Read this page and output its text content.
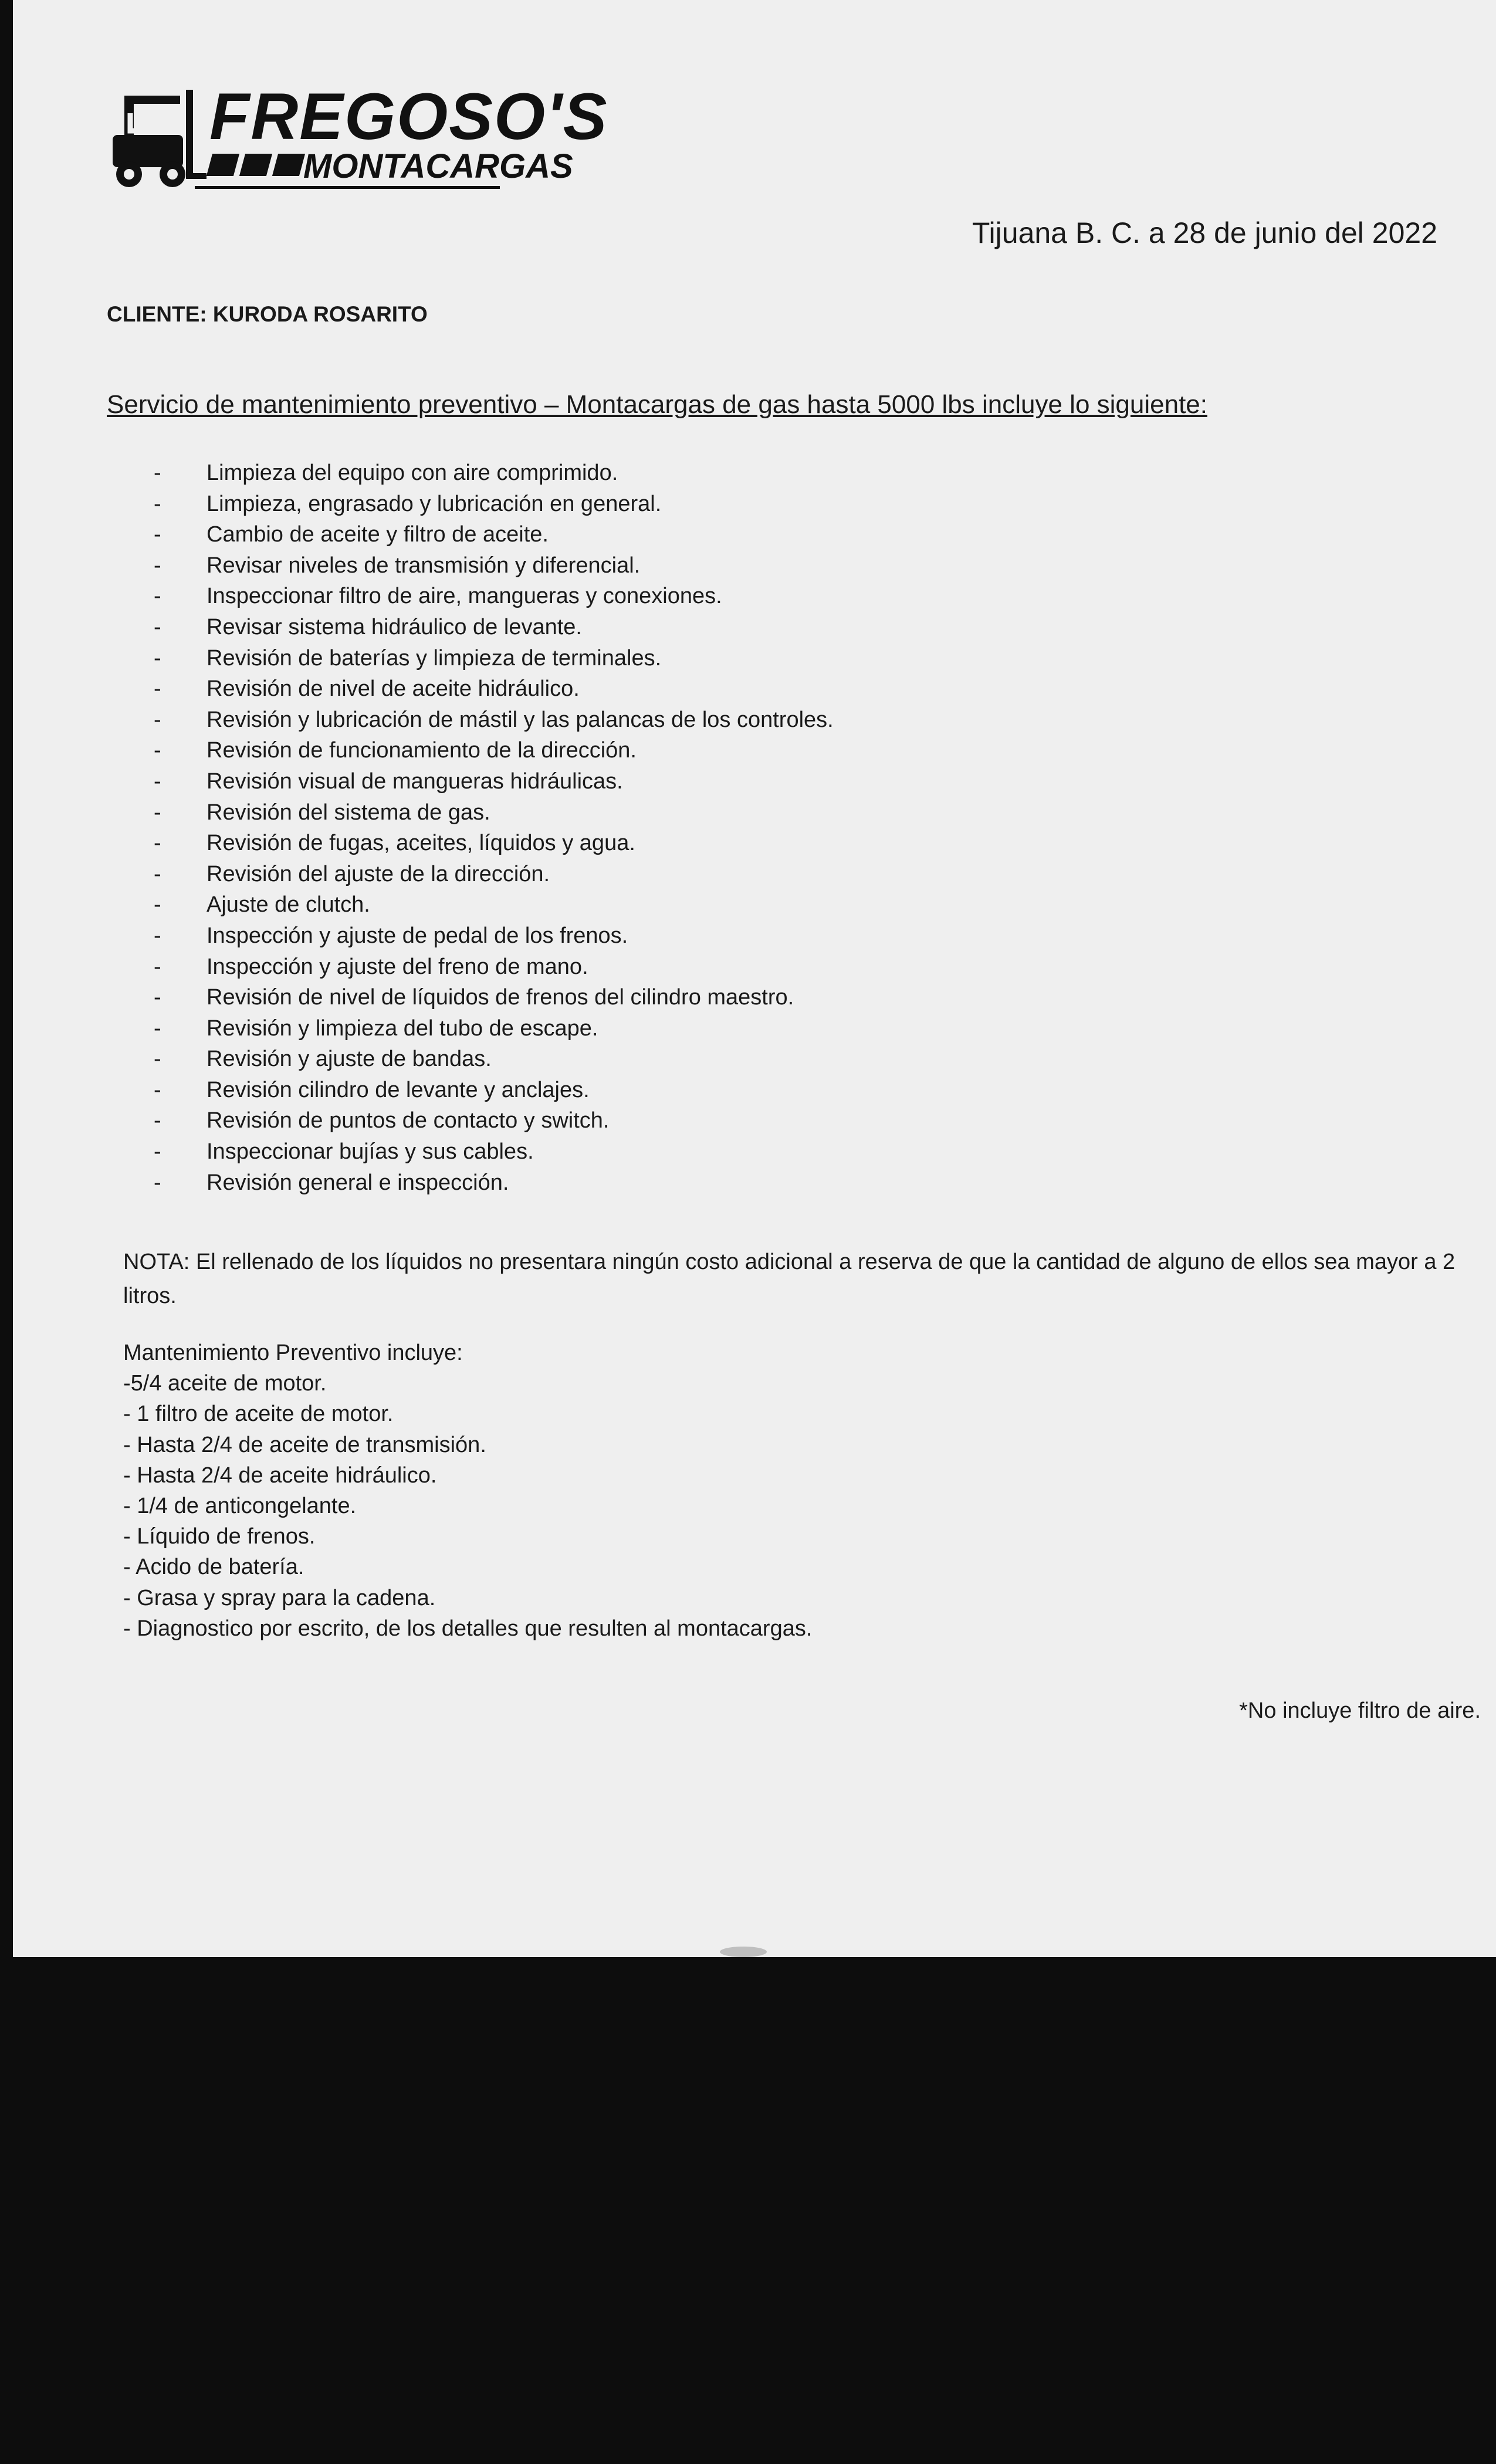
FREGOSO'S
MONTACARGAS
Tijuana B. C. a 28 de junio del 2022
CLIENTE: KURODA ROSARITO
Servicio de mantenimiento preventivo – Montacargas de gas hasta 5000 lbs incluye lo siguiente:
- Limpieza del equipo con aire comprimido.
- Limpieza, engrasado y lubricación en general.
- Cambio de aceite y filtro de aceite.
- Revisar niveles de transmisión y diferencial.
- Inspeccionar filtro de aire, mangueras y conexiones.
- Revisar sistema hidráulico de levante.
- Revisión de baterías y limpieza de terminales.
- Revisión de nivel de aceite hidráulico.
- Revisión y lubricación de mástil y las palancas de los controles.
- Revisión de funcionamiento de la dirección.
- Revisión visual de mangueras hidráulicas.
- Revisión del sistema de gas.
- Revisión de fugas, aceites, líquidos y agua.
- Revisión del ajuste de la dirección.
- Ajuste de clutch.
- Inspección y ajuste de pedal de los frenos.
- Inspección y ajuste del freno de mano.
- Revisión de nivel de líquidos de frenos del cilindro maestro.
- Revisión y limpieza del tubo de escape.
- Revisión y ajuste de bandas.
- Revisión cilindro de levante y anclajes.
- Revisión de puntos de contacto y switch.
- Inspeccionar bujías y sus cables.
- Revisión general e inspección.
NOTA: El rellenado de los líquidos no presentara ningún costo adicional a reserva de que la cantidad de alguno de ellos sea mayor a 2 litros.
Mantenimiento Preventivo incluye:
-5/4 aceite de motor.
- 1 filtro de aceite de motor.
- Hasta 2/4 de aceite de transmisión.
- Hasta 2/4 de aceite hidráulico.
- 1/4 de anticongelante.
- Líquido de frenos.
- Acido de batería.
- Grasa y spray para la cadena.
- Diagnostico por escrito, de los detalles que resulten al montacargas.
*No incluye filtro de aire.
